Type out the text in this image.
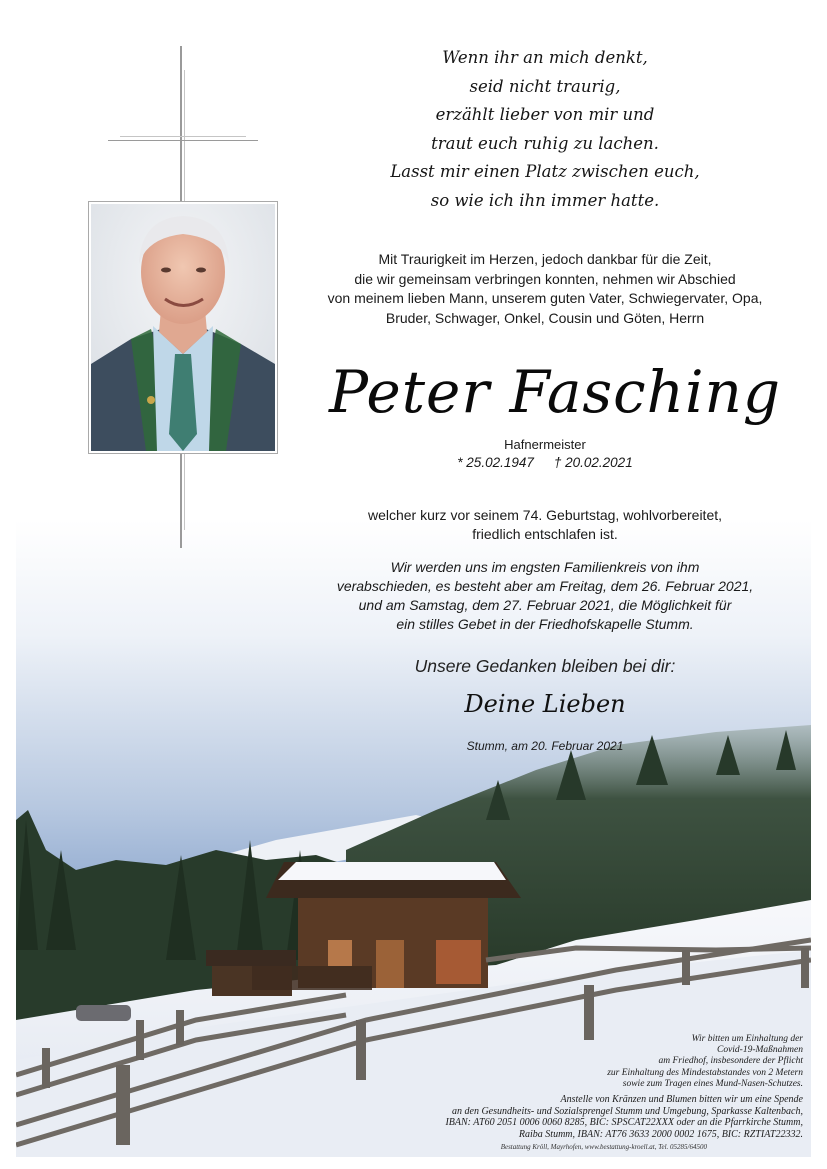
Wenn ihr an mich denkt,
seid nicht traurig,
erzählt lieber von mir und
traut euch ruhig zu lachen.
Lasst mir einen Platz zwischen euch,
so wie ich ihn immer hatte.
Mit Traurigkeit im Herzen, jedoch dankbar für die Zeit,
die wir gemeinsam verbringen konnten, nehmen wir Abschied
von meinem lieben Mann, unserem guten Vater, Schwiegervater, Opa,
Bruder, Schwager, Onkel, Cousin und Göten, Herrn
Peter Fasching
Hafnermeister
* 25.02.1947 † 20.02.2021
welcher kurz vor seinem 74. Geburtstag, wohlvorbereitet,
friedlich entschlafen ist.
Wir werden uns im engsten Familienkreis von ihm
verabschieden, es besteht aber am Freitag, dem 26. Februar 2021,
und am Samstag, dem 27. Februar 2021, die Möglichkeit für
ein stilles Gebet in der Friedhofskapelle Stumm.
Unsere Gedanken bleiben bei dir:
Deine Lieben
Stumm, am 20. Februar 2021
Wir bitten um Einhaltung der
Covid-19-Maßnahmen
am Friedhof, insbesondere der Pflicht
zur Einhaltung des Mindestabstandes von 2 Metern
sowie zum Tragen eines Mund-Nasen-Schutzes.
Anstelle von Kränzen und Blumen bitten wir um eine Spende
an den Gesundheits- und Sozialsprengel Stumm und Umgebung, Sparkasse Kaltenbach,
IBAN: AT60 2051 0006 0060 8285, BIC: SPSCAT22XXX oder an die Pfarrkirche Stumm,
Raiba Stumm, IBAN: AT76 3633 2000 0002 1675, BIC: RZTIAT22332.
Bestattung Kröll, Mayrhofen, www.bestattung-kroell.at, Tel. 05285/64500
